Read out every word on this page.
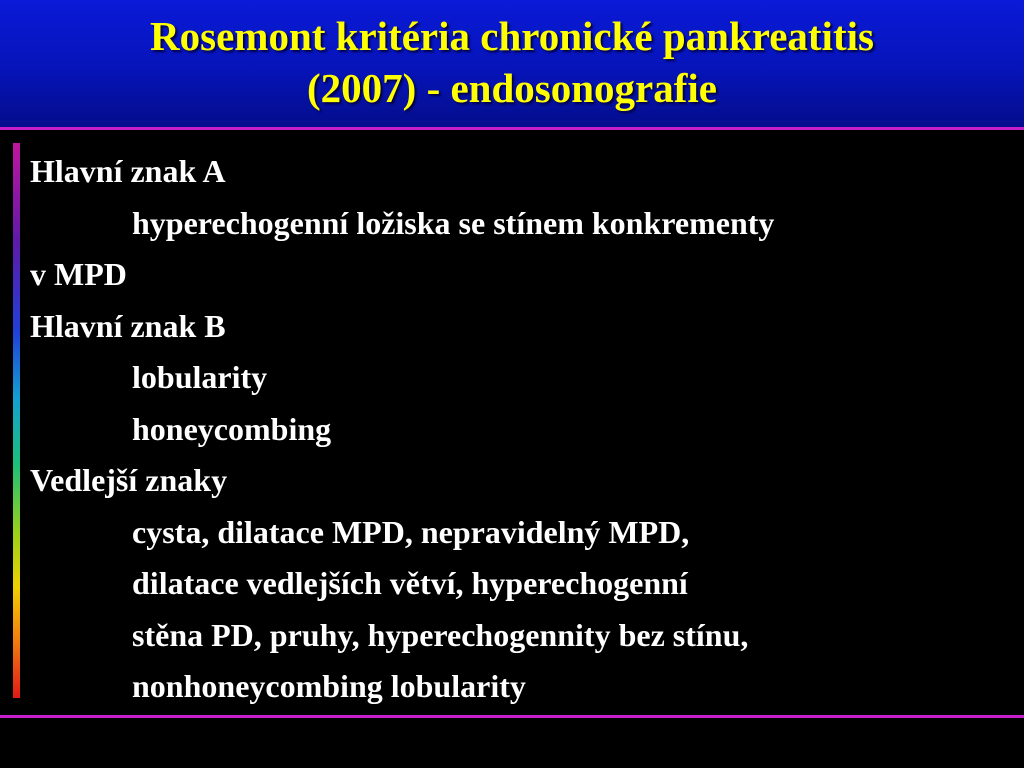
Rosemont kritéria chronické pankreatitis
(2007) - endosonografie
Hlavní znak A
hyperechogenní ložiska se stínem konkrementy
v MPD
Hlavní znak B
lobularity
honeycombing
Vedlejší znaky
cysta, dilatace MPD, nepravidelný MPD,
dilatace vedlejších větví, hyperechogenní
stěna PD, pruhy, hyperechogennity bez stínu,
nonhoneycombing lobularity
